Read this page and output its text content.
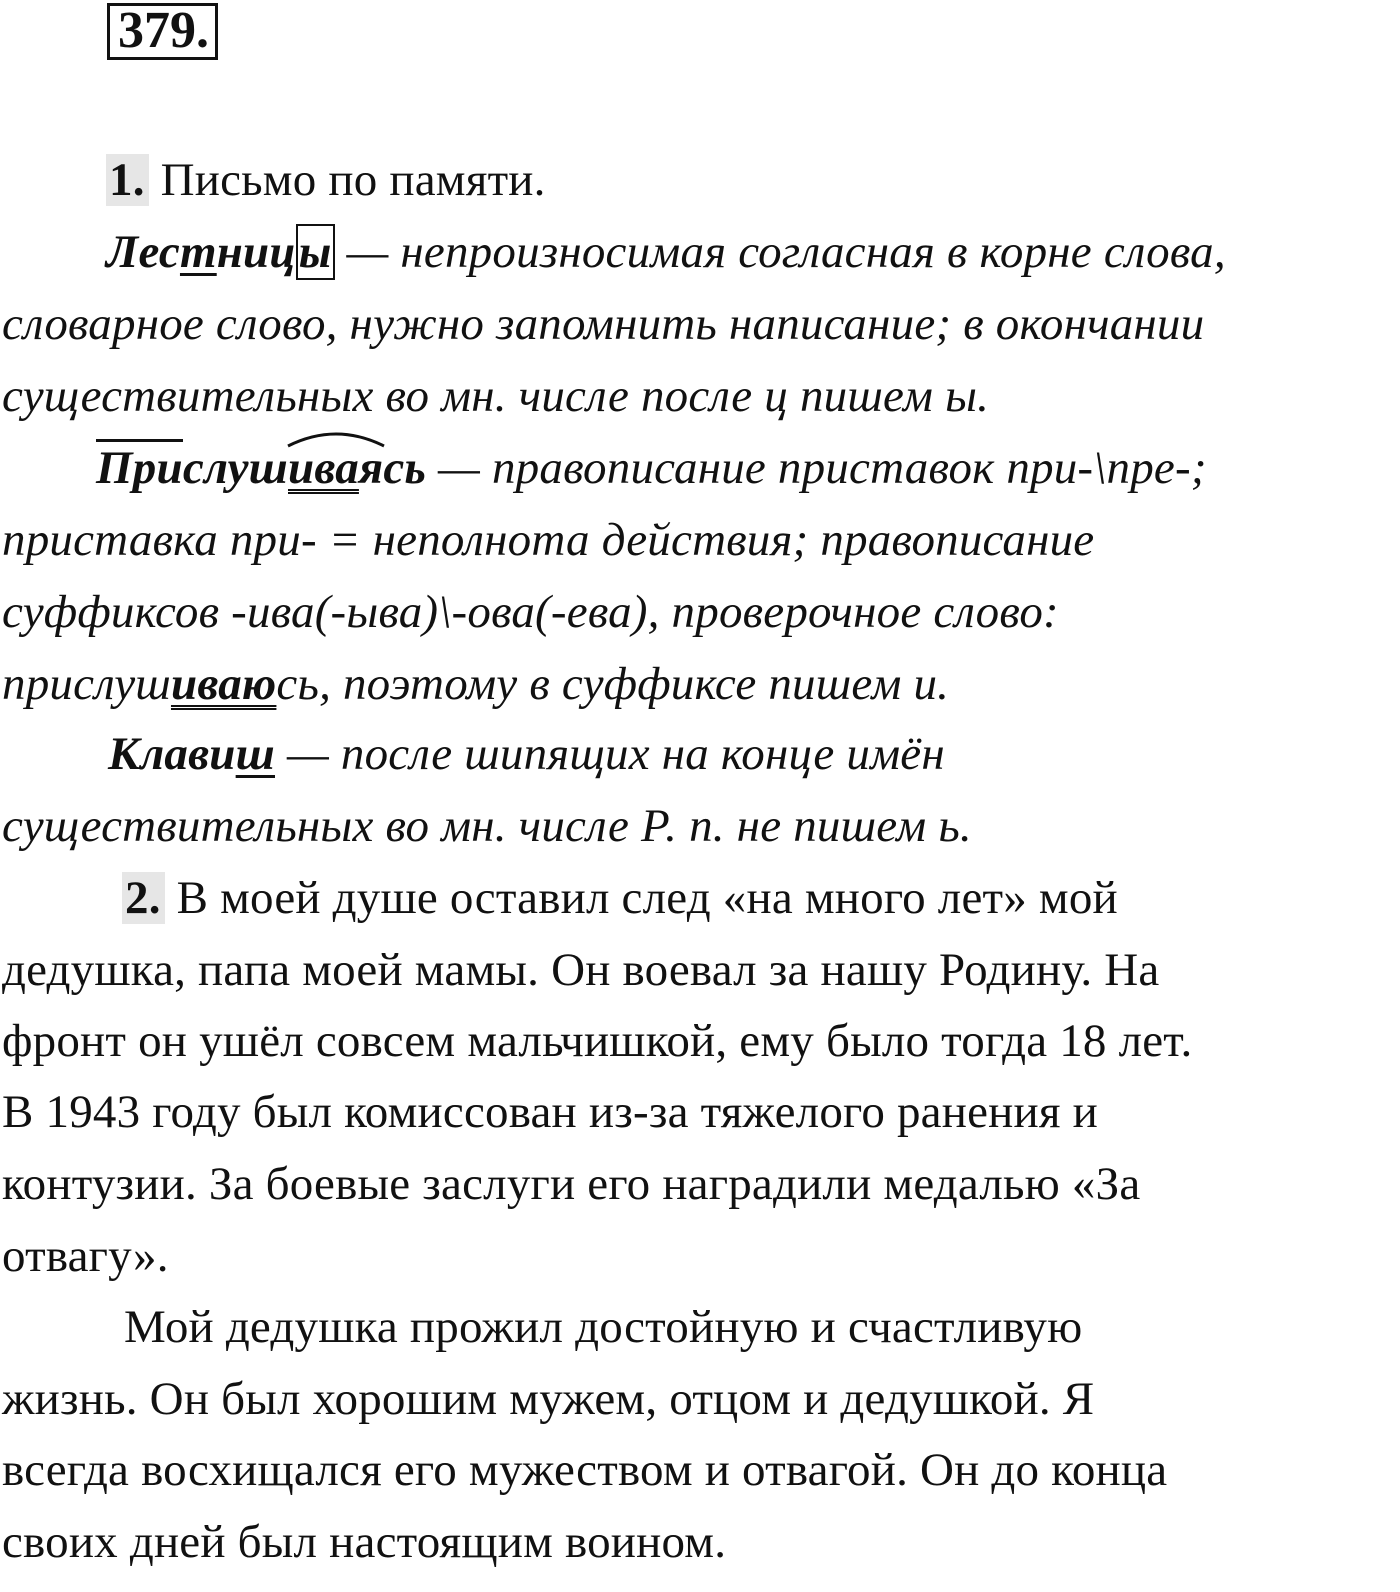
379.
1. Письмо по памяти.
Лестницы — непроизносимая согласная в корне слова,
словарное слово, нужно запомнить написание; в окончании
существительных во мн. числе после ц пишем ы.
Прислуш
иваясь — правописание приставок при-\пре-;
приставка при- = неполнота действия; правописание
суффиксов -ива(-ыва)\-ова(-ева), проверочное слово:
прислушиваюсь, поэтому в суффиксе пишем и.
Клавиш — после шипящих на конце имён
существительных во мн. числе Р. п. не пишем ь.
2. В моей душе оставил след «на много лет» мой
дедушка, папа моей мамы. Он воевал за нашу Родину. На
фронт он ушёл совсем мальчишкой, ему было тогда 18 лет.
В 1943 году был комиссован из-за тяжелого ранения и
контузии. За боевые заслуги его наградили медалью «За
отвагу».
Мой дедушка прожил достойную и счастливую
жизнь. Он был хорошим мужем, отцом и дедушкой. Я
всегда восхищался его мужеством и отвагой. Он до конца
своих дней был настоящим воином.
